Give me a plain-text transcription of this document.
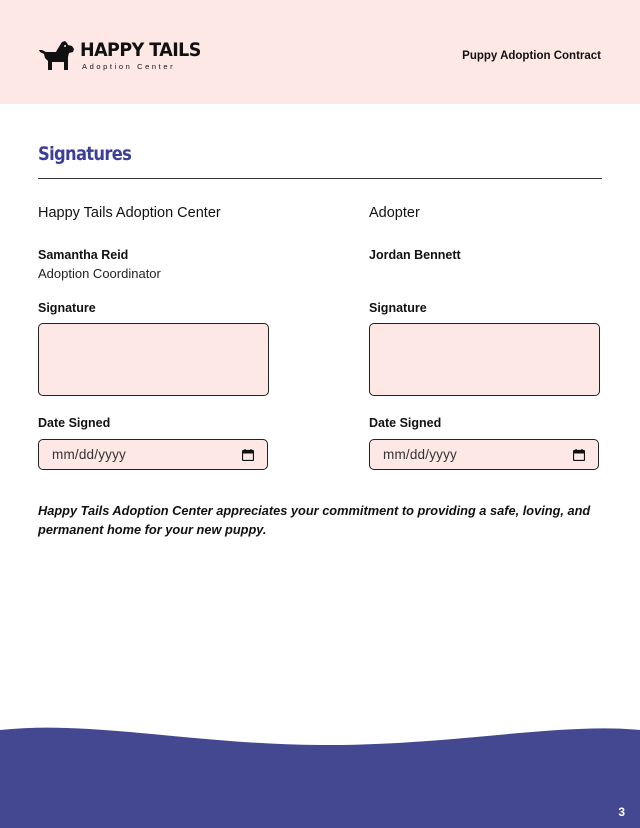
HAPPY TAILS
Adoption Center
Puppy Adoption Contract
Signatures
Happy Tails Adoption Center
Samantha Reid
Adoption Coordinator
Signature
Date Signed
mm/dd/yyyy
Adopter
Jordan Bennett
Signature
Date Signed
mm/dd/yyyy
Happy Tails Adoption Center appreciates your commitment to providing a safe, loving, and permanent home for your new puppy.
3
